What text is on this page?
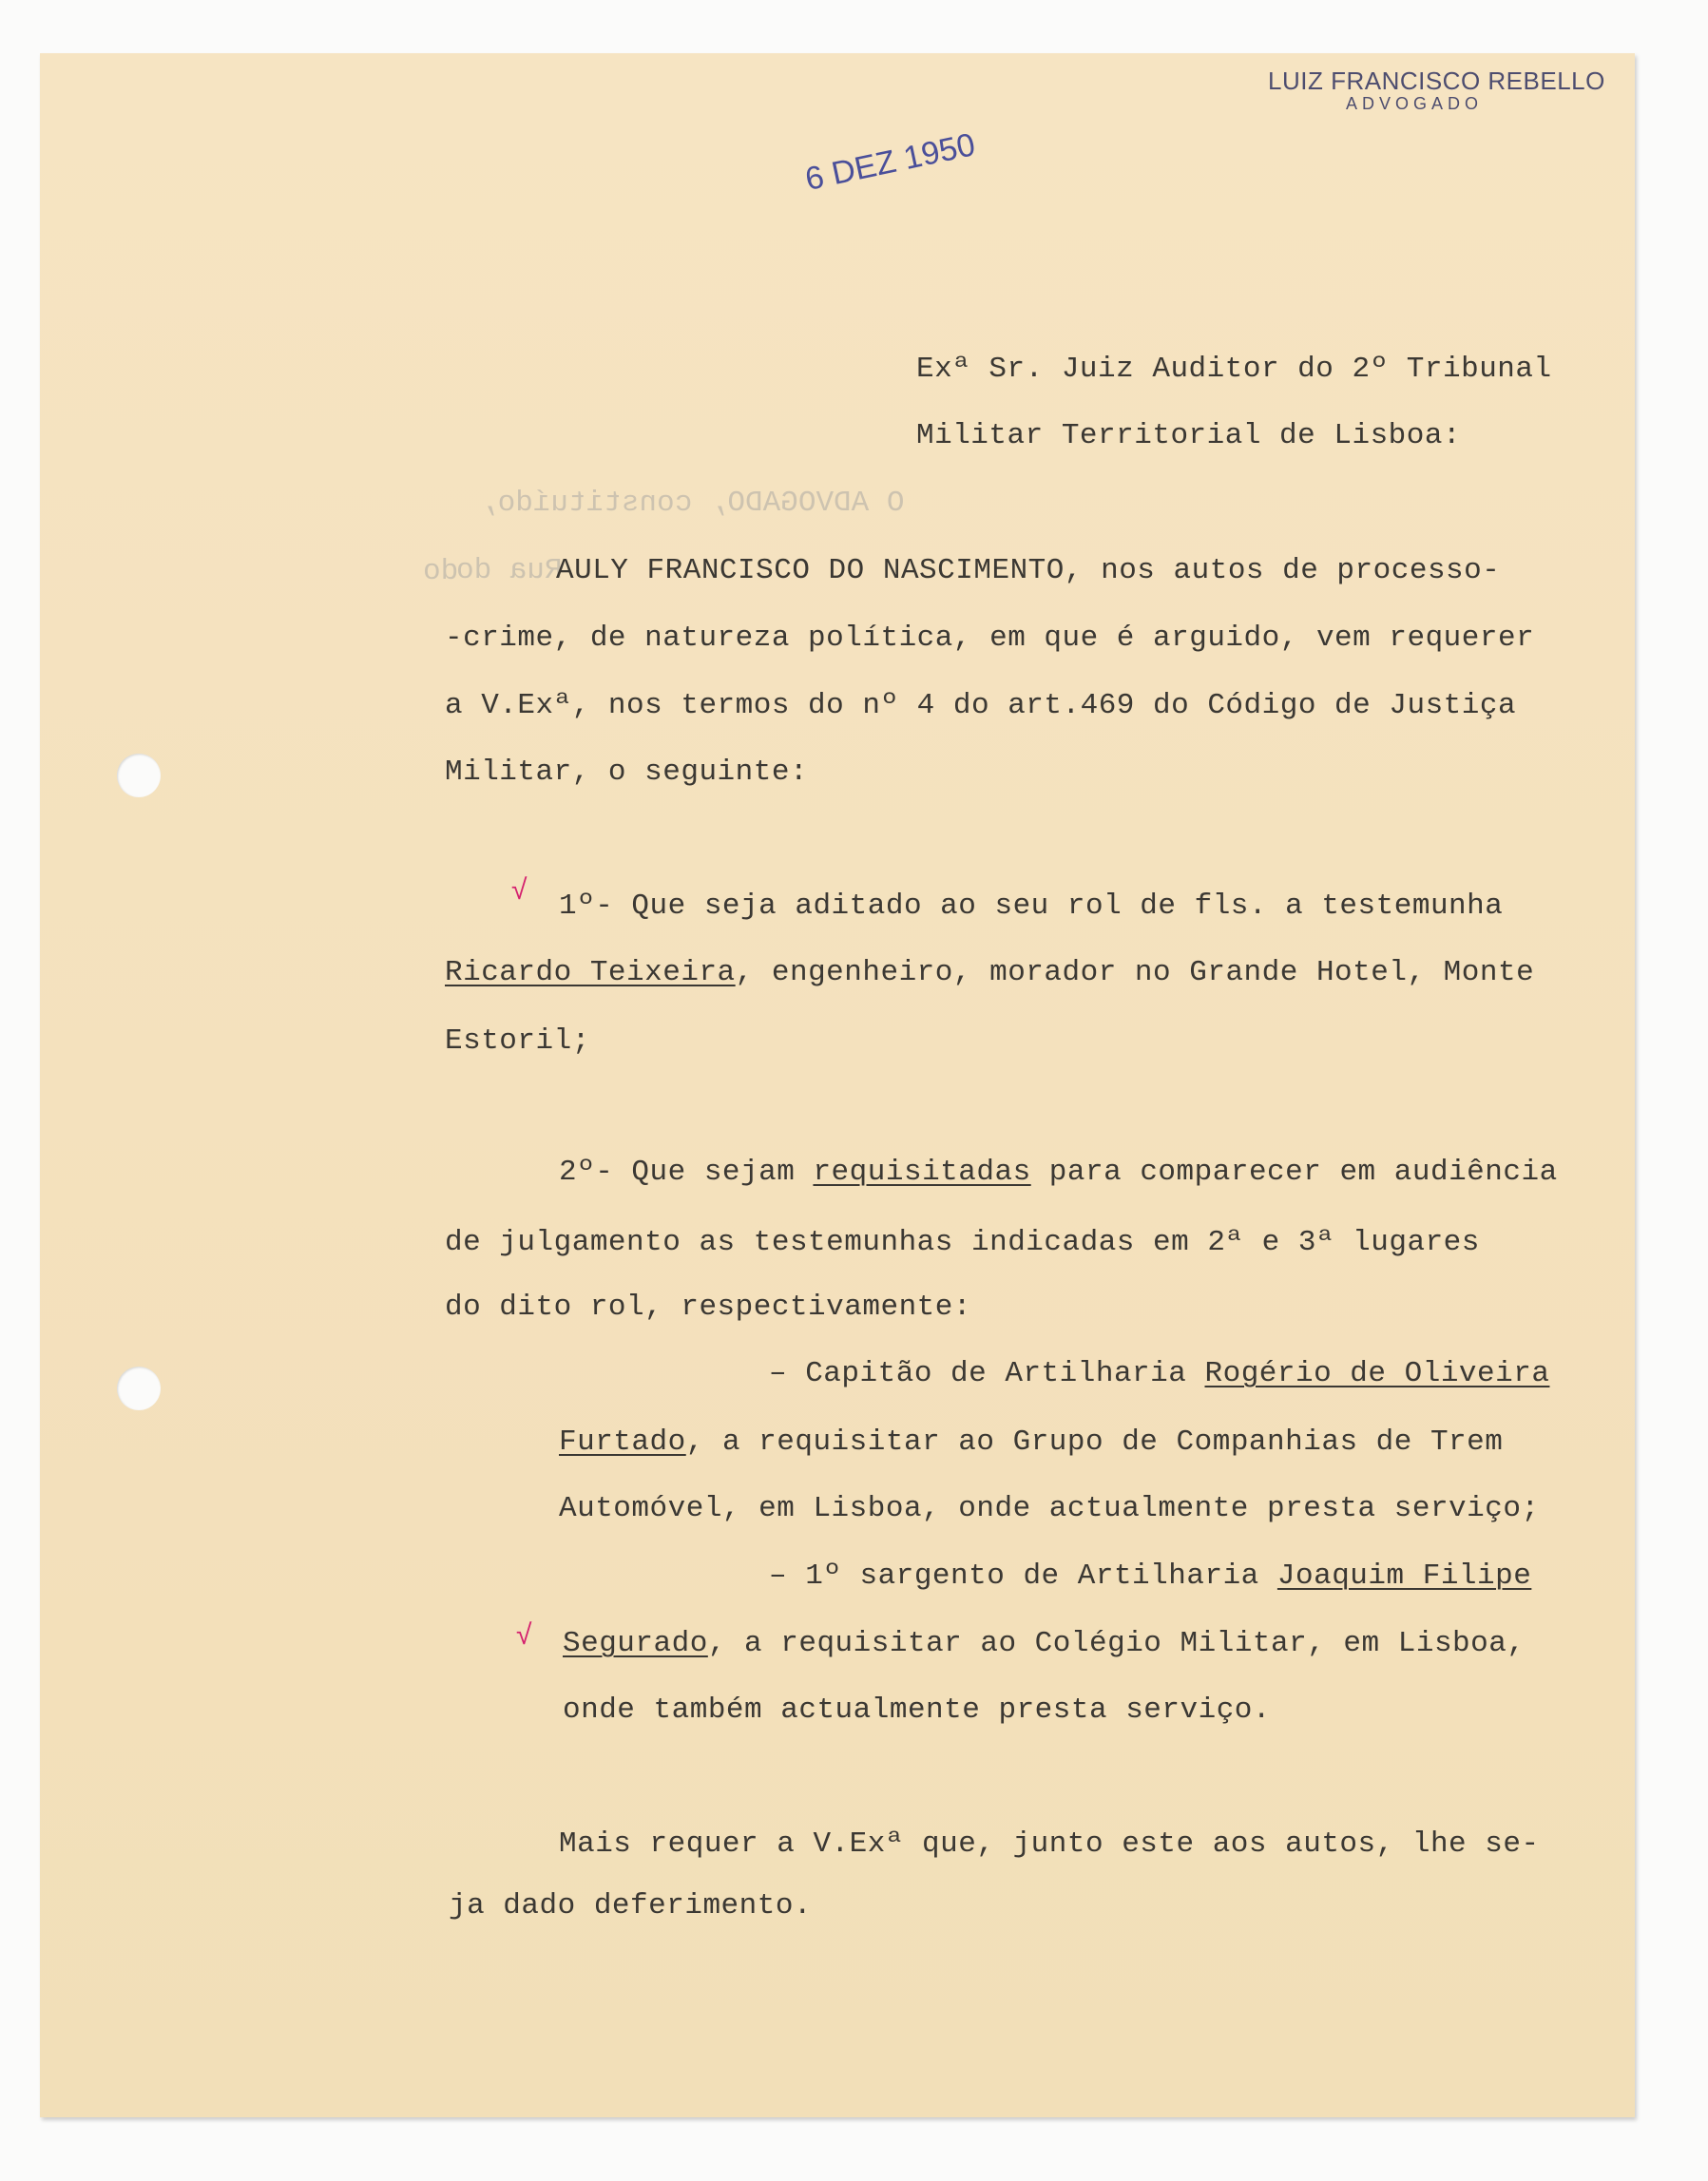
LUIZ FRANCISCO REBELLO
ADVOGADO
6 DEZ 1950
Exª Sr. Juiz Auditor do 2º Tribunal
Militar Territorial de Lisboa:
O ADVOGADO, constituído,
Rua do
do	AULY FRANCISCO DO NASCIMENTO, nos autos de processo-
-crime, de natureza política, em que é arguido, vem requerer
a V.Exª, nos termos do nº 4 do art.469 do Código de Justiça
Militar, o seguinte:
√ 1º- Que seja aditado ao seu rol de fls. a testemunha
Ricardo Teixeira, engenheiro, morador no Grande Hotel, Monte
Estoril;
2º- Que sejam requisitadas para comparecer em audiência
de julgamento as testemunhas indicadas em 2ª e 3ª lugares
do dito rol, respectivamente:
– Capitão de Artilharia Rogério de Oliveira
Furtado, a requisitar ao Grupo de Companhias de Trem
Automóvel, em Lisboa, onde actualmente presta serviço;
– 1º sargento de Artilharia Joaquim Filipe
√ Segurado, a requisitar ao Colégio Militar, em Lisboa,
onde também actualmente presta serviço.
Mais requer a V.Exª que, junto este aos autos, lhe se-
ja dado deferimento.
